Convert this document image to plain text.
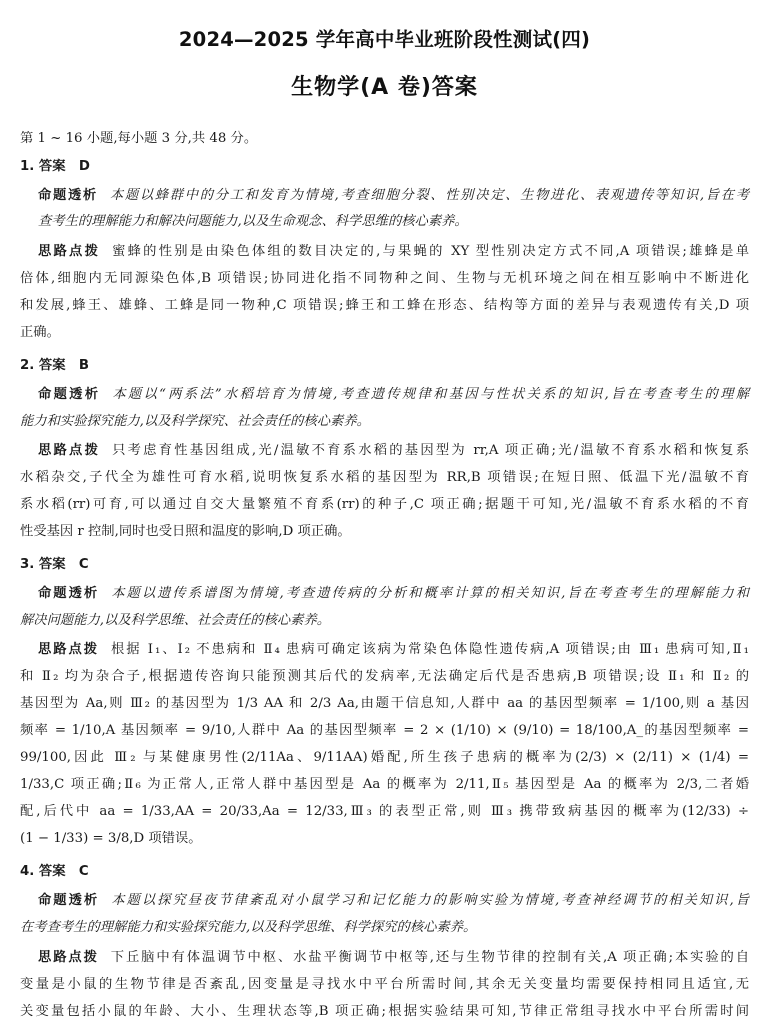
2024—2025 学年高中毕业班阶段性测试(四)
生物学(A 卷)答案
第 1 ~ 16 小题,每小题 3 分,共 48 分。
1. 答案　D
命题透析 本题以蜂群中的分工和发育为情境,考查细胞分裂、性别决定、生物进化、表观遗传等知识,旨在考
查考生的理解能力和解决问题能力,以及生命观念、科学思维的核心素养。
思路点拨 蜜蜂的性别是由染色体组的数目决定的,与果蝇的 XY 型性别决定方式不同,A 项错误;雄蜂是单
倍体,细胞内无同源染色体,B 项错误;协同进化指不同物种之间、生物与无机环境之间在相互影响中不断进化
和发展,蜂王、雄蜂、工蜂是同一物种,C 项错误;蜂王和工蜂在形态、结构等方面的差异与表观遗传有关,D 项
正确。
2. 答案　B
命题透析 本题以“两系法”水稻培育为情境,考查遗传规律和基因与性状关系的知识,旨在考查考生的理解
能力和实验探究能力,以及科学探究、社会责任的核心素养。
思路点拨 只考虑育性基因组成,光/温敏不育系水稻的基因型为 rr,A 项正确;光/温敏不育系水稻和恢复系
水稻杂交,子代全为雄性可育水稻,说明恢复系水稻的基因型为 RR,B 项错误;在短日照、低温下光/温敏不育
系水稻(rr)可育,可以通过自交大量繁殖不育系(rr)的种子,C 项正确;据题干可知,光/温敏不育系水稻的不育
性受基因 r 控制,同时也受日照和温度的影响,D 项正确。
3. 答案　C
命题透析 本题以遗传系谱图为情境,考查遗传病的分析和概率计算的相关知识,旨在考查考生的理解能力和
解决问题能力,以及科学思维、社会责任的核心素养。
思路点拨 根据 Ⅰ₁、Ⅰ₂ 不患病和 Ⅱ₄ 患病可确定该病为常染色体隐性遗传病,A 项错误;由 Ⅲ₁ 患病可知,Ⅱ₁
和 Ⅱ₂ 均为杂合子,根据遗传咨询只能预测其后代的发病率,无法确定后代是否患病,B 项错误;设 Ⅱ₁ 和 Ⅱ₂ 的
基因型为 Aa,则 Ⅲ₂ 的基因型为 1/3 AA 和 2/3 Aa,由题干信息知,人群中 aa 的基因型频率 = 1/100,则 a 基因
频率 = 1/10,A 基因频率 = 9/10,人群中 Aa 的基因型频率 = 2 × (1/10) × (9/10) = 18/100,A_的基因型频率 =
99/100,因此 Ⅲ₂ 与某健康男性(2/11Aa、9/11AA)婚配,所生孩子患病的概率为(2/3) × (2/11) × (1/4) =
1/33,C 项正确;Ⅱ₆ 为正常人,正常人群中基因型是 Aa 的概率为 2/11,Ⅱ₅ 基因型是 Aa 的概率为 2/3,二者婚
配,后代中 aa = 1/33,AA = 20/33,Aa = 12/33,Ⅲ₃ 的表型正常,则 Ⅲ₃ 携带致病基因的概率为(12/33) ÷
(1 − 1/33) = 3/8,D 项错误。
4. 答案　C
命题透析 本题以探究昼夜节律紊乱对小鼠学习和记忆能力的影响实验为情境,考查神经调节的相关知识,旨
在考查考生的理解能力和实验探究能力,以及科学思维、科学探究的核心素养。
思路点拨 下丘脑中有体温调节中枢、水盐平衡调节中枢等,还与生物节律的控制有关,A 项正确;本实验的自
变量是小鼠的生物节律是否紊乱,因变量是寻找水中平台所需时间,其余无关变量均需要保持相同且适宜,无
关变量包括小鼠的年龄、大小、生理状态等,B 项正确;根据实验结果可知,节律正常组寻找水中平台所需时间
